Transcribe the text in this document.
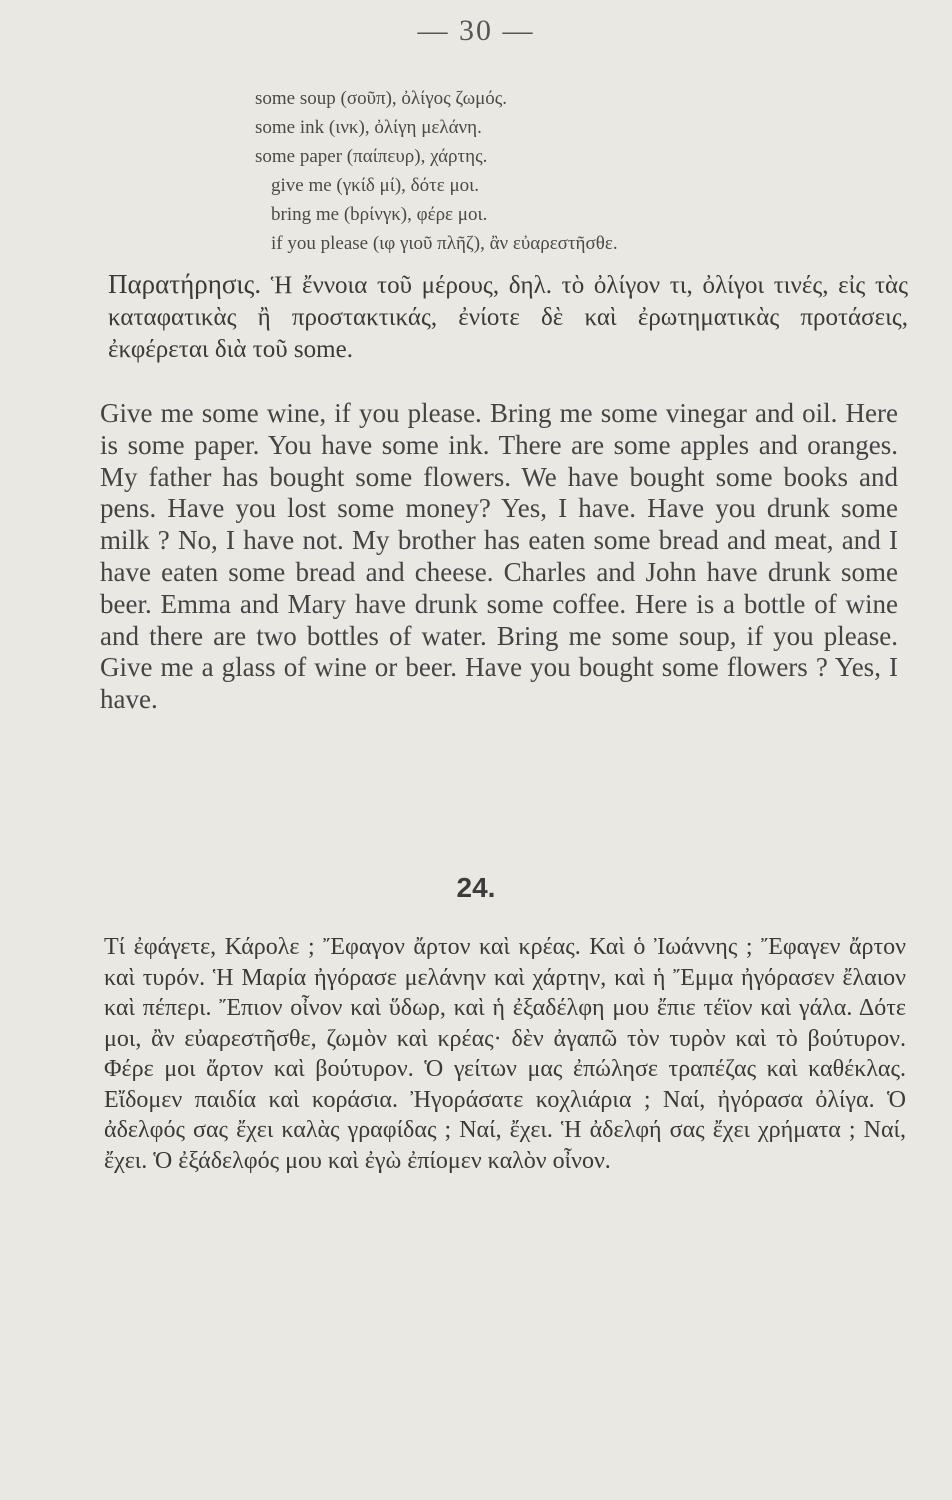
— 30 —
some soup (σοῦπ), ὀλίγος ζωμός.
some ink (ινκ), ὀλίγη μελάνη.
some paper (παίπευρ), χάρτης.
give me (γκίδ μί), δότε μοι.
bring me (bρίνγκ), φέρε μοι.
if you please (ιφ γιοῦ πλῆζ), ἂν εὐαρεστῆσθε.
Παρατήρησις. Ἡ ἔννοια τοῦ μέρους, δηλ. τὸ ὀλίγον τι, ὀλίγοι τινές, εἰς τὰς καταφατικὰς ἢ προστακτικάς, ἐνίοτε δὲ καὶ ἐρωτηματικὰς προτάσεις, ἐκφέρεται διὰ τοῦ some.
Give me some wine, if you please. Bring me some vinegar and oil. Here is some paper. You have some ink. There are some apples and oranges. My father has bought some flowers. We have bought some books and pens. Have you lost some money? Yes, I have. Have you drunk some milk ? No, I have not. My brother has eaten some bread and meat, and I have eaten some bread and cheese. Charles and John have drunk some beer. Emma and Mary have drunk some coffee. Here is a bottle of wine and there are two bottles of water. Bring me some soup, if you please. Give me a glass of wine or beer. Have you bought some flowers ? Yes, I have.
24.
Τί ἐφάγετε, Κάρολε ; Ἔφαγον ἄρτον καὶ κρέας. Καὶ ὁ Ἰωάννης ; Ἔφαγεν ἄρτον καὶ τυρόν. Ἡ Μαρία ἠγόρασε μελάνην καὶ χάρτην, καὶ ἡ Ἔμμα ἠγόρασεν ἔλαιον καὶ πέπερι. Ἔπιον οἶνον καὶ ὕδωρ, καὶ ἡ ἐξαδέλφη μου ἔπιε τέϊον καὶ γάλα. Δότε μοι, ἂν εὐαρεστῆσθε, ζωμὸν καὶ κρέας· δὲν ἀγαπῶ τὸν τυρὸν καὶ τὸ βούτυρον. Φέρε μοι ἄρτον καὶ βούτυρον. Ὁ γείτων μας ἐπώλησε τραπέζας καὶ καθέκλας. Εἴδομεν παιδία καὶ κοράσια. Ἠγοράσατε κοχλιάρια ; Ναί, ἠγόρασα ὀλίγα. Ὁ ἀδελφός σας ἔχει καλὰς γραφίδας ; Ναί, ἔχει. Ἡ ἀδελφή σας ἔχει χρήματα ; Ναί, ἔχει. Ὁ ἐξάδελφός μου καὶ ἐγὼ ἐπίομεν καλὸν οἶνον.
